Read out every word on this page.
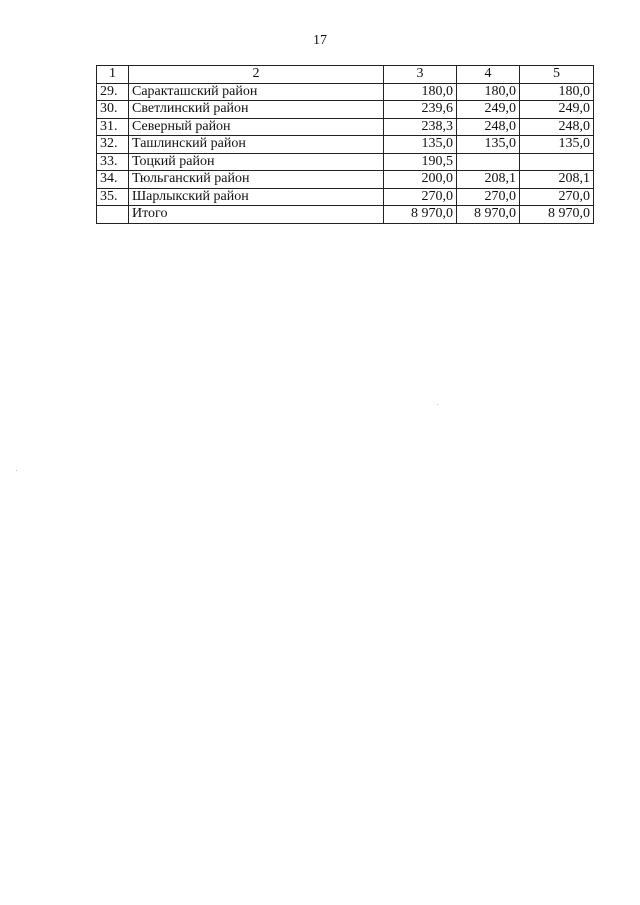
17
1	2	3	4	5
29.	Саракташский район	180,0	180,0	180,0
30.	Светлинский район	239,6	249,0	249,0
31.	Северный район	238,3	248,0	248,0
32.	Ташлинский район	135,0	135,0	135,0
33.	Тоцкий район	190,5		
34.	Тюльганский район	200,0	208,1	208,1
35.	Шарлыкский район	270,0	270,0	270,0
	Итого	8 970,0	8 970,0	8 970,0
